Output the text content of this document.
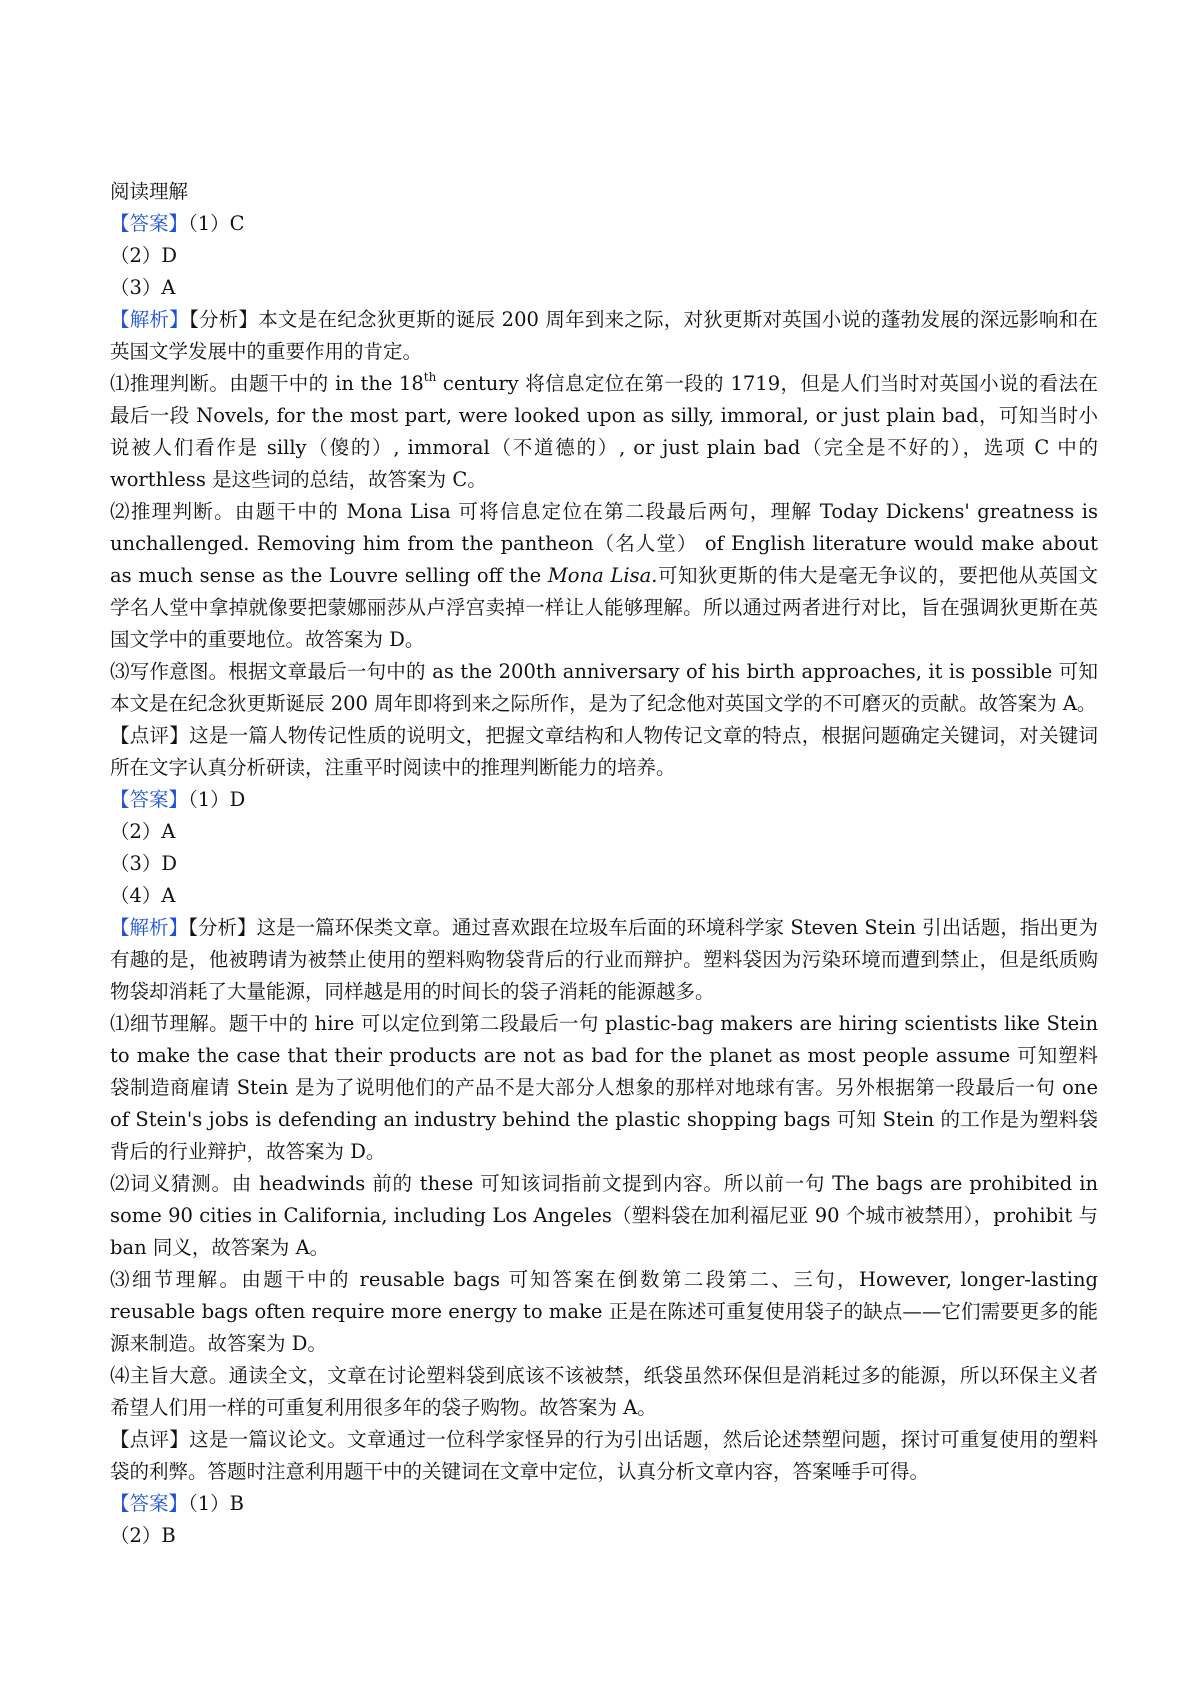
阅读理解
【答案】（1）C
（2）D
（3）A
【解析】【分析】本文是在纪念狄更斯的诞辰 200 周年到来之际，对狄更斯对英国小说的蓬勃发展的深远影响和在英国文学发展中的重要作用的肯定。
⑴推理判断。由题干中的 in the 18th century 将信息定位在第一段的 1719，但是人们当时对英国小说的看法在最后一段 Novels, for the most part, were looked upon as silly, immoral, or just plain bad，可知当时小说被人们看作是 silly（傻的）, immoral（不道德的）, or just plain bad（完全是不好的），选项 C 中的 worthless 是这些词的总结，故答案为 C。
⑵推理判断。由题干中的 Mona Lisa 可将信息定位在第二段最后两句，理解 Today Dickens' greatness is unchallenged. Removing him from the pantheon（名人堂） of English literature would make about as much sense as the Louvre selling off the Mona Lisa.可知狄更斯的伟大是毫无争议的，要把他从英国文学名人堂中拿掉就像要把蒙娜丽莎从卢浮宫卖掉一样让人能够理解。所以通过两者进行对比，旨在强调狄更斯在英国文学中的重要地位。故答案为 D。
⑶写作意图。根据文章最后一句中的 as the 200th anniversary of his birth approaches, it is possible 可知本文是在纪念狄更斯诞辰 200 周年即将到来之际所作，是为了纪念他对英国文学的不可磨灭的贡献。故答案为 A。
【点评】这是一篇人物传记性质的说明文，把握文章结构和人物传记文章的特点，根据问题确定关键词，对关键词所在文字认真分析研读，注重平时阅读中的推理判断能力的培养。
【答案】（1）D
（2）A
（3）D
（4）A
【解析】【分析】这是一篇环保类文章。通过喜欢跟在垃圾车后面的环境科学家 Steven Stein 引出话题，指出更为有趣的是，他被聘请为被禁止使用的塑料购物袋背后的行业而辩护。塑料袋因为污染环境而遭到禁止，但是纸质购物袋却消耗了大量能源，同样越是用的时间长的袋子消耗的能源越多。
⑴细节理解。题干中的 hire 可以定位到第二段最后一句 plastic-bag makers are hiring scientists like Stein to make the case that their products are not as bad for the planet as most people assume 可知塑料袋制造商雇请 Stein 是为了说明他们的产品不是大部分人想象的那样对地球有害。另外根据第一段最后一句 one of Stein's jobs is defending an industry behind the plastic shopping bags 可知 Stein 的工作是为塑料袋背后的行业辩护，故答案为 D。
⑵词义猜测。由 headwinds 前的 these 可知该词指前文提到内容。所以前一句 The bags are prohibited in some 90 cities in California, including Los Angeles（塑料袋在加利福尼亚 90 个城市被禁用），prohibit 与 ban 同义，故答案为 A。
⑶细节理解。由题干中的 reusable bags 可知答案在倒数第二段第二、三句，However, longer-lasting reusable bags often require more energy to make 正是在陈述可重复使用袋子的缺点——它们需要更多的能源来制造。故答案为 D。
⑷主旨大意。通读全文，文章在讨论塑料袋到底该不该被禁，纸袋虽然环保但是消耗过多的能源，所以环保主义者希望人们用一样的可重复利用很多年的袋子购物。故答案为 A。
【点评】这是一篇议论文。文章通过一位科学家怪异的行为引出话题，然后论述禁塑问题，探讨可重复使用的塑料袋的利弊。答题时注意利用题干中的关键词在文章中定位，认真分析文章内容，答案唾手可得。
【答案】（1）B
（2）B
